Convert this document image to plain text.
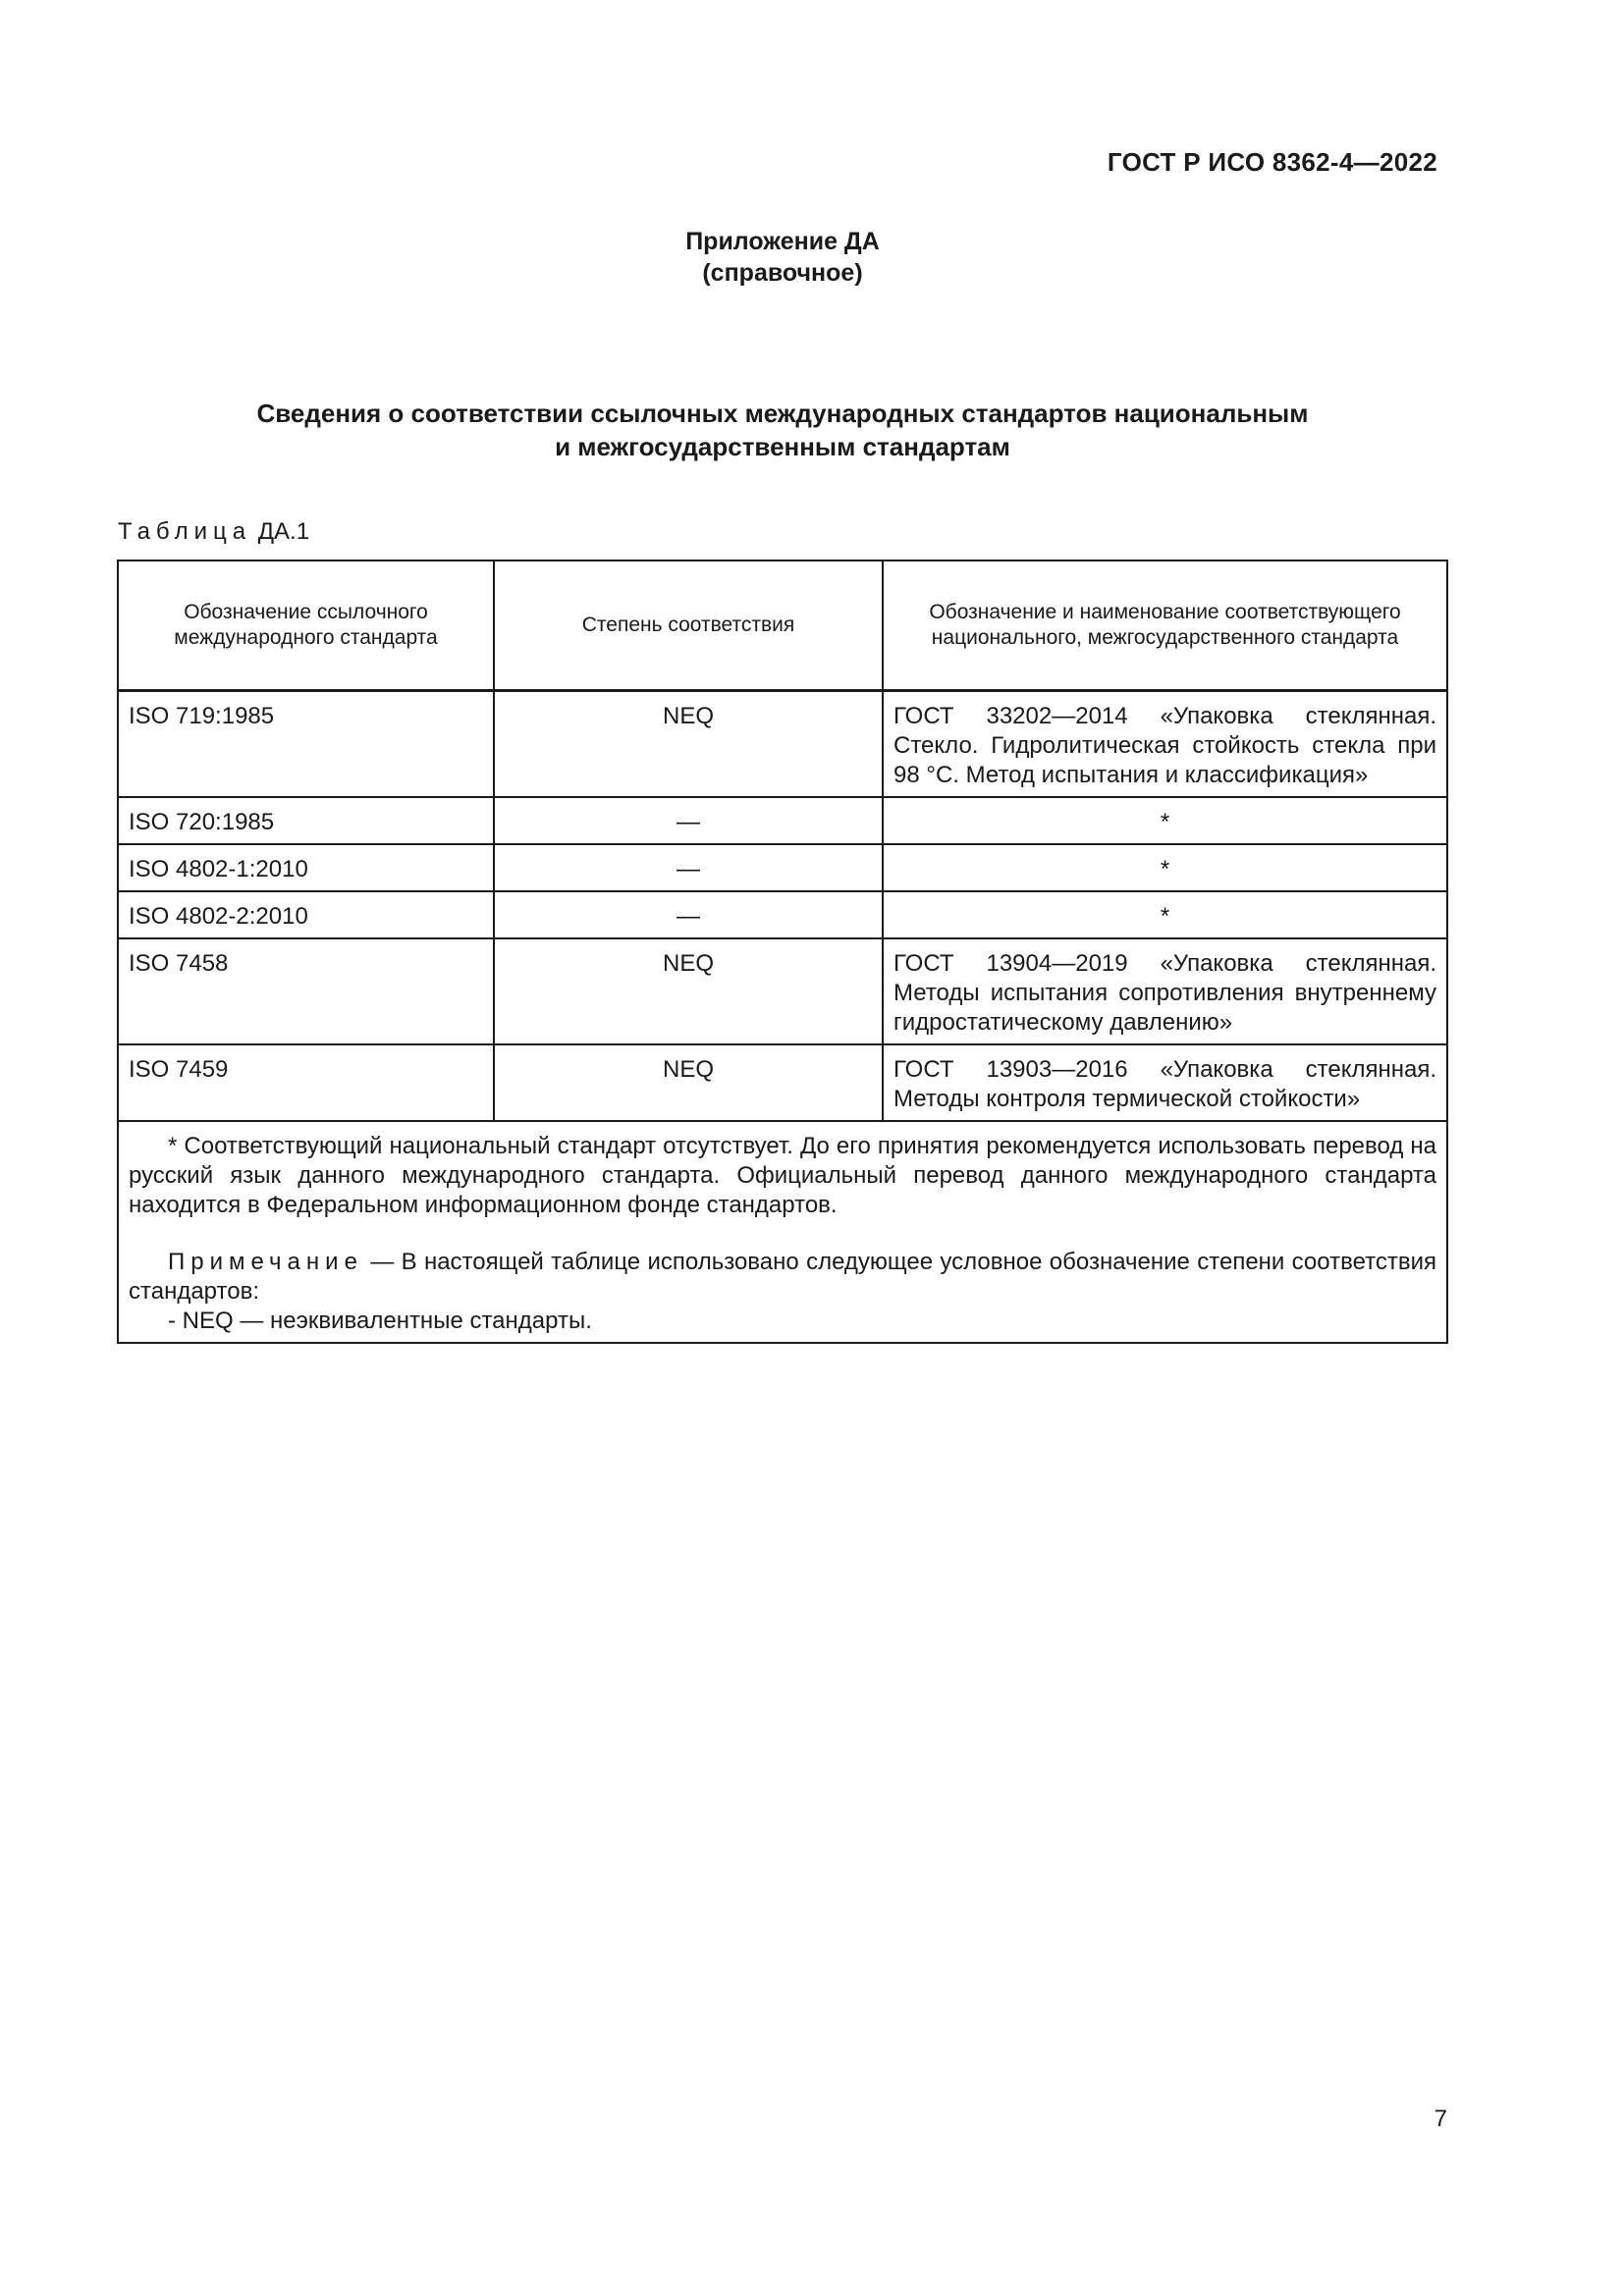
ГОСТ Р ИСО 8362-4—2022
Приложение ДА
(справочное)
Сведения о соответствии ссылочных международных стандартов национальным
и межгосударственным стандартам
Таблица ДА.1
Обозначение ссылочного международного стандарта	Степень соответствия	Обозначение и наименование соответствующего национального, межгосударственного стандарта
ISO 719:1985	NEQ	ГОСТ 33202—2014 «Упаковка стеклянная. Стекло. Гидролитическая стойкость стекла при 98 °С. Метод испытания и классификация»
ISO 720:1985	—	*
ISO 4802-1:2010	—	*
ISO 4802-2:2010	—	*
ISO 7458	NEQ	ГОСТ 13904—2019 «Упаковка стеклянная. Методы испытания сопротивления внутреннему гидростатическому давлению»
ISO 7459	NEQ	ГОСТ 13903—2016 «Упаковка стеклянная. Методы контроля термической стойкости»

* Соответствующий национальный стандарт отсутствует. До его принятия рекомендуется использовать перевод на русский язык данного международного стандарта. Официальный перевод данного международного стандарта находится в Федеральном информационном фонде стандартов.
Примечание — В настоящей таблице использовано следующее условное обозначение степени соответствия стандартов:
- NEQ — неэквивалентные стандарты.		
7
